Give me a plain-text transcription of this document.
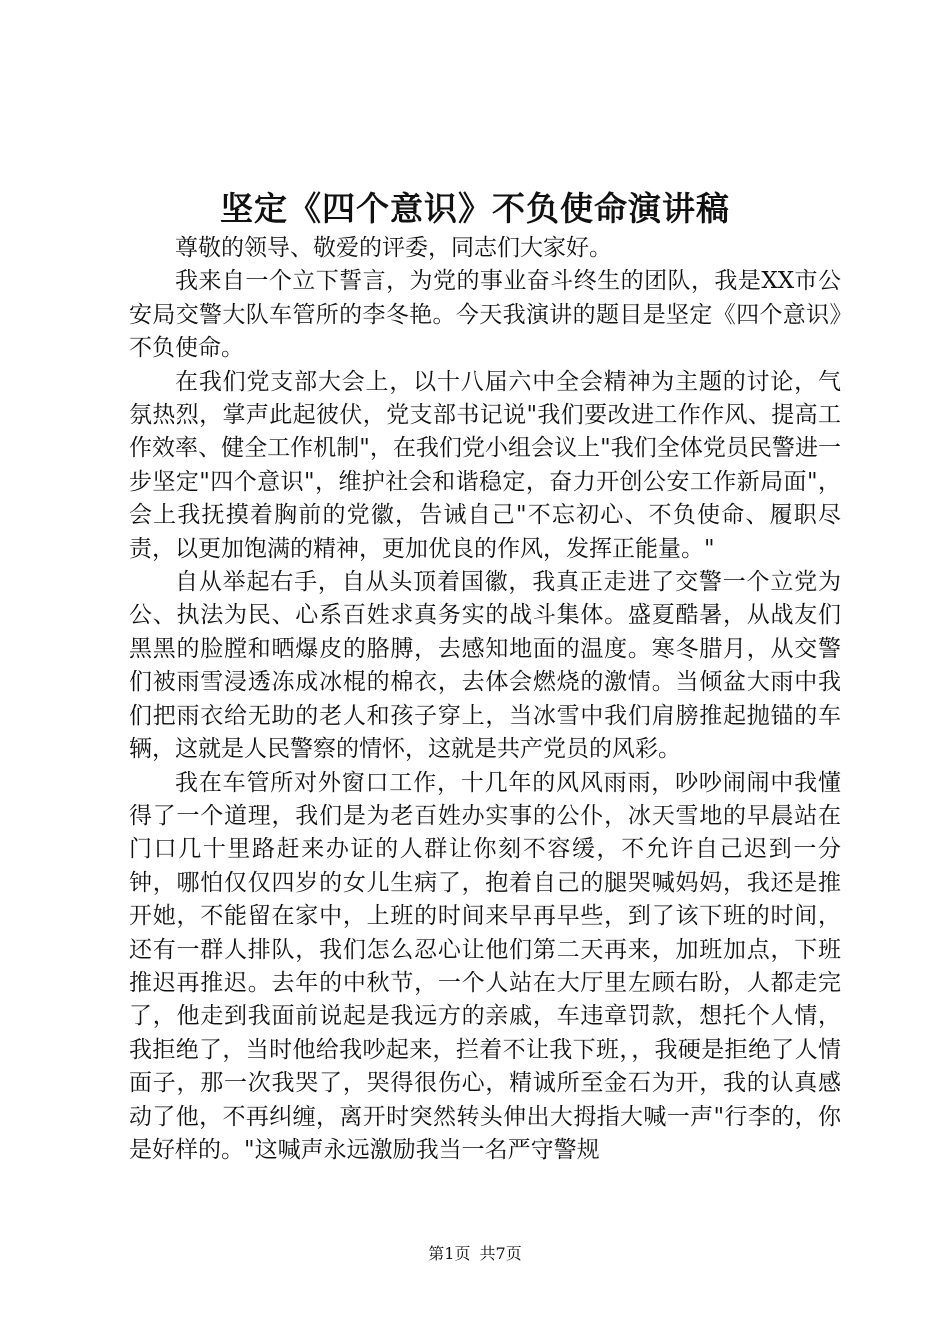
坚定《四个意识》不负使命演讲稿

尊敬的领导、敬爱的评委，同志们大家好。

我来自一个立下誓言，为党的事业奋斗终生的团队，我是XX市公安局交警大队车管所的李冬艳。今天我演讲的题目是坚定《四个意识》不负使命。

在我们党支部大会上，以十八届六中全会精神为主题的讨论，气氛热烈，掌声此起彼伏，党支部书记说"我们要改进工作作风、提高工作效率、健全工作机制"，在我们党小组会议上"我们全体党员民警进一步坚定"四个意识"，维护社会和谐稳定，奋力开创公安工作新局面"，会上我抚摸着胸前的党徽，告诫自己"不忘初心、不负使命、履职尽责，以更加饱满的精神，更加优良的作风，发挥正能量。"

自从举起右手，自从头顶着国徽，我真正走进了交警一个立党为公、执法为民、心系百姓求真务实的战斗集体。盛夏酷暑，从战友们黑黑的脸膛和晒爆皮的胳膊，去感知地面的温度。寒冬腊月，从交警们被雨雪浸透冻成冰棍的棉衣，去体会燃烧的激情。当倾盆大雨中我们把雨衣给无助的老人和孩子穿上，当冰雪中我们肩膀推起抛锚的车辆，这就是人民警察的情怀，这就是共产党员的风彩。

我在车管所对外窗口工作，十几年的风风雨雨，吵吵闹闹中我懂得了一个道理，我们是为老百姓办实事的公仆，冰天雪地的早晨站在门口几十里路赶来办证的人群让你刻不容缓，不允许自己迟到一分钟，哪怕仅仅四岁的女儿生病了，抱着自己的腿哭喊妈妈，我还是推开她，不能留在家中，上班的时间来早再早些，到了该下班的时间，还有一群人排队，我们怎么忍心让他们第二天再来，加班加点，下班推迟再推迟。去年的中秋节，一个人站在大厅里左顾右盼，人都走完了，他走到我面前说起是我远方的亲戚，车违章罚款，想托个人情，我拒绝了，当时他给我吵起来，拦着不让我下班，，我硬是拒绝了人情面子，那一次我哭了，哭得很伤心，精诚所至金石为开，我的认真感动了他，不再纠缠，离开时突然转头伸出大拇指大喊一声"行李的，你是好样的。"这喊声永远激励我当一名严守警规

第1页 共7页
